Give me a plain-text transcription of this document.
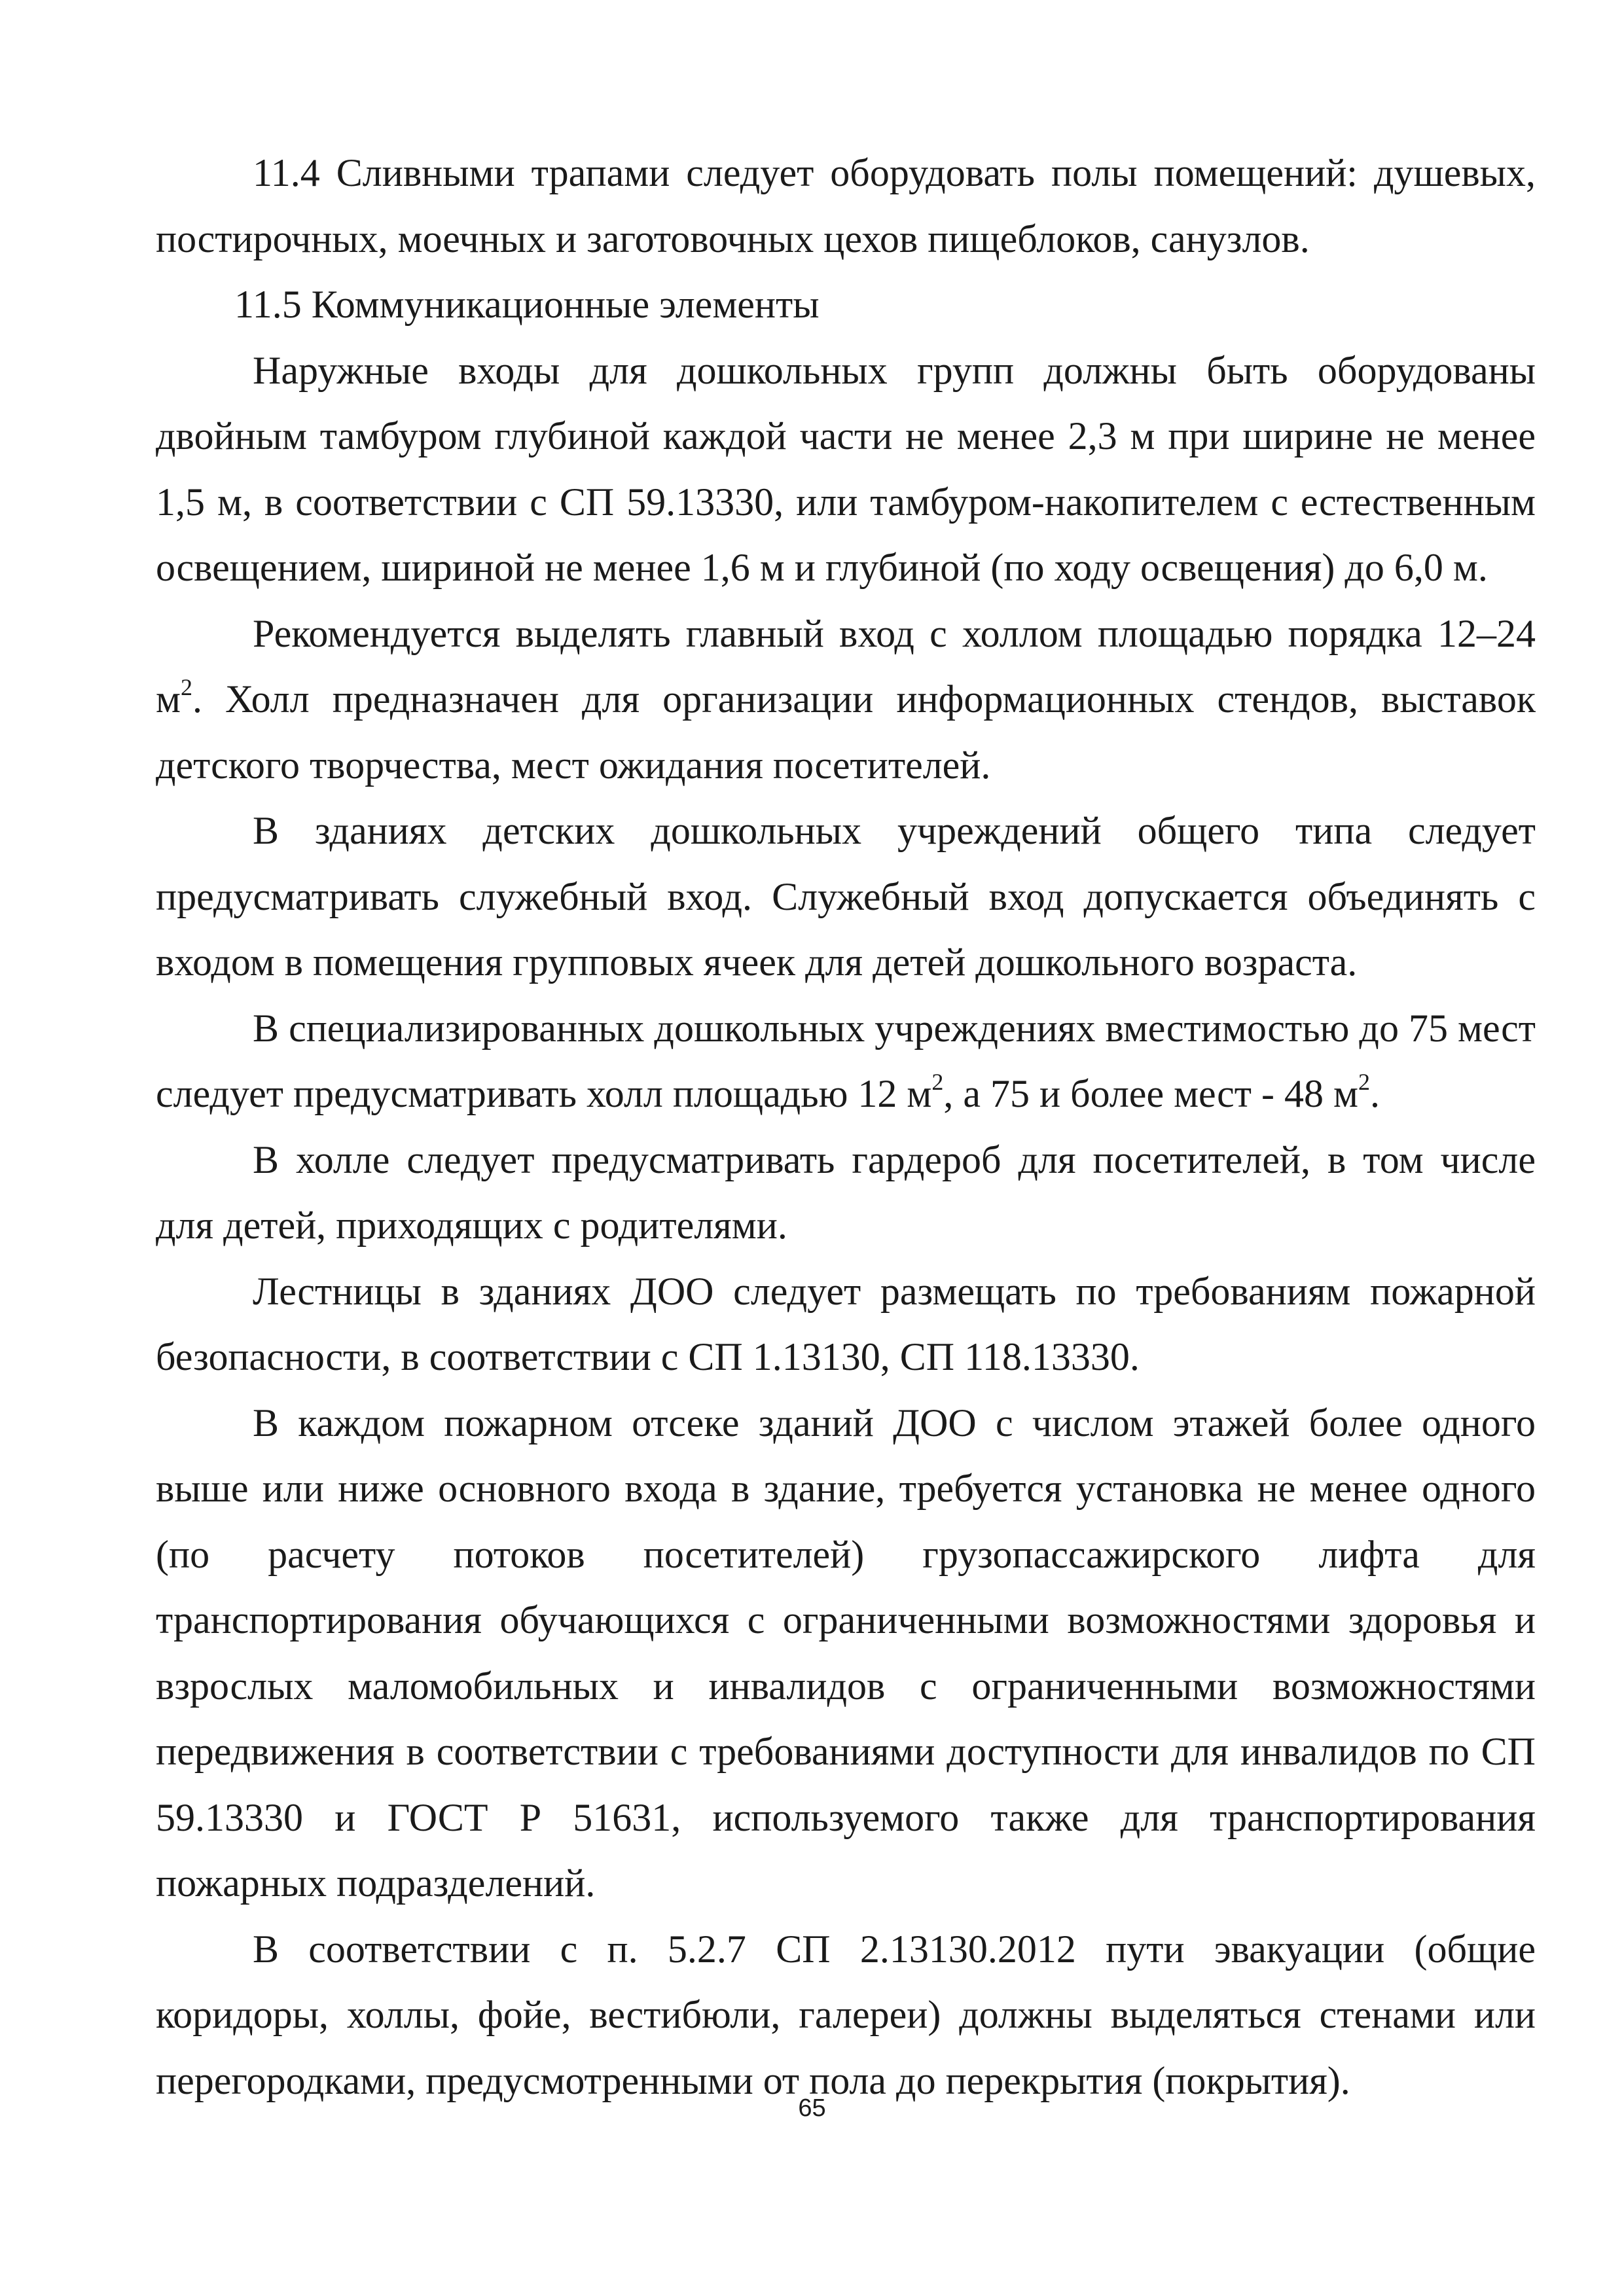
11.4 Сливными трапами следует оборудовать полы помещений: душевых, постирочных, моечных и заготовочных цехов пищеблоков, санузлов.

11.5 Коммуникационные элементы

Наружные входы для дошкольных групп должны быть оборудованы двойным тамбуром глубиной каждой части не менее 2,3 м при ширине не менее 1,5 м, в соответствии с СП 59.13330, или тамбуром-накопителем с естественным освещением, шириной не менее 1,6 м и глубиной (по ходу освещения) до 6,0 м.

Рекомендуется выделять главный вход с холлом площадью порядка 12–24 $м^2$. Холл предназначен для организации информационных стендов, выставок детского творчества, мест ожидания посетителей.

В зданиях детских дошкольных учреждений общего типа следует предусматривать служебный вход. Служебный вход допускается объединять с входом в помещения групповых ячеек для детей дошкольного возраста.

В специализированных дошкольных учреждениях вместимостью до 75 мест следует предусматривать холл площадью 12 $м^2$, а 75 и более мест - 48 $м^2$.

В холле следует предусматривать гардероб для посетителей, в том числе для детей, приходящих с родителями.

Лестницы в зданиях ДОО следует размещать по требованиям пожарной безопасности, в соответствии с СП 1.13130, СП 118.13330.

В каждом пожарном отсеке зданий ДОО с числом этажей более одного выше или ниже основного входа в здание, требуется установка не менее одного (по расчету потоков посетителей) грузопассажирского лифта для транспортирования обучающихся с ограниченными возможностями здоровья и взрослых маломобильных и инвалидов с ограниченными возможностями передвижения в соответствии с требованиями доступности для инвалидов по СП 59.13330 и ГОСТ Р 51631, используемого также для транспортирования пожарных подразделений.

В соответствии с п. 5.2.7 СП 2.13130.2012 пути эвакуации (общие коридоры, холлы, фойе, вестибюли, галереи) должны выделяться стенами или перегородками, предусмотренными от пола до перекрытия (покрытия).

65
